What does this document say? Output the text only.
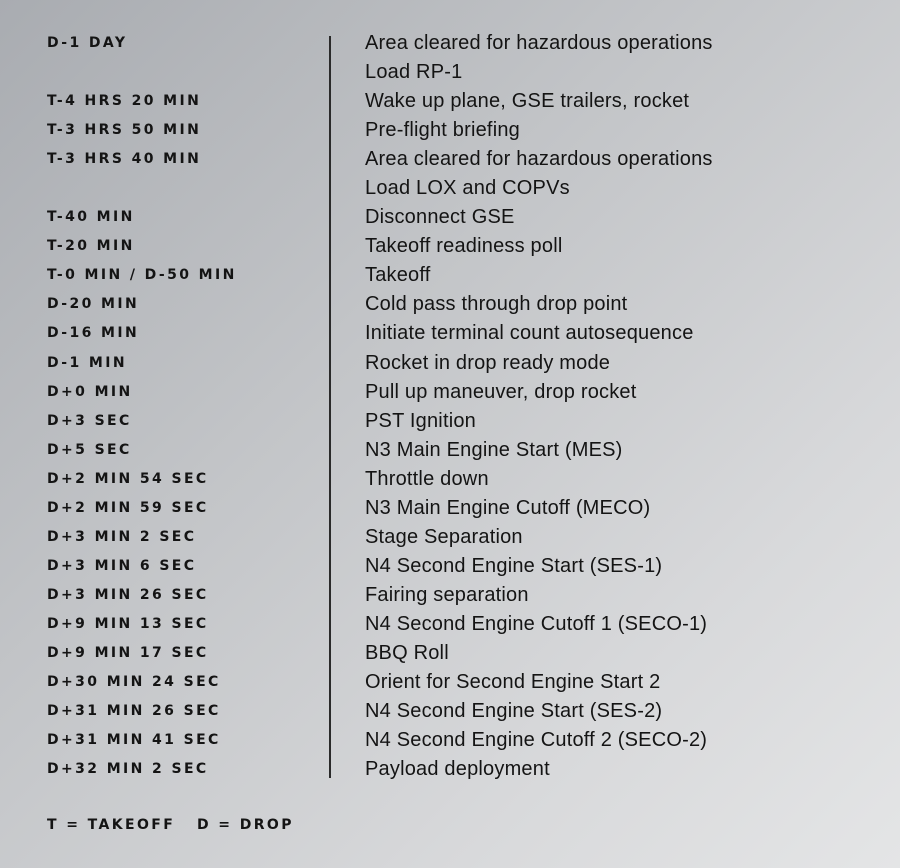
D-1 DAY	Area cleared for hazardous operations
Load RP-1
T-4 HRS 20 MIN	Wake up plane, GSE trailers, rocket
T-3 HRS 50 MIN	Pre-flight briefing
T-3 HRS 40 MIN	Area cleared for hazardous operations
Load LOX and COPVs
T-40 MIN	Disconnect GSE
T-20 MIN	Takeoff readiness poll
T-0 MIN / D-50 MIN	Takeoff
D-20 MIN	Cold pass through drop point
D-16 MIN	Initiate terminal count autosequence
D-1 MIN	Rocket in drop ready mode
D+0 MIN	Pull up maneuver, drop rocket
D+3 SEC	PST Ignition
D+5 SEC	N3 Main Engine Start (MES)
D+2 MIN 54 SEC	Throttle down
D+2 MIN 59 SEC	N3 Main Engine Cutoff (MECO)
D+3 MIN 2 SEC	Stage Separation
D+3 MIN 6 SEC	N4 Second Engine Start (SES-1)
D+3 MIN 26 SEC	Fairing separation
D+9 MIN 13 SEC	N4 Second Engine Cutoff 1 (SECO-1)
D+9 MIN 17 SEC	BBQ Roll
D+30 MIN 24 SEC	Orient for Second Engine Start 2
D+31 MIN 26 SEC	N4 Second Engine Start (SES-2)
D+31 MIN 41 SEC	N4 Second Engine Cutoff 2 (SECO-2)
D+32 MIN 2 SEC	Payload deployment
T = TAKEOFF   D = DROP
